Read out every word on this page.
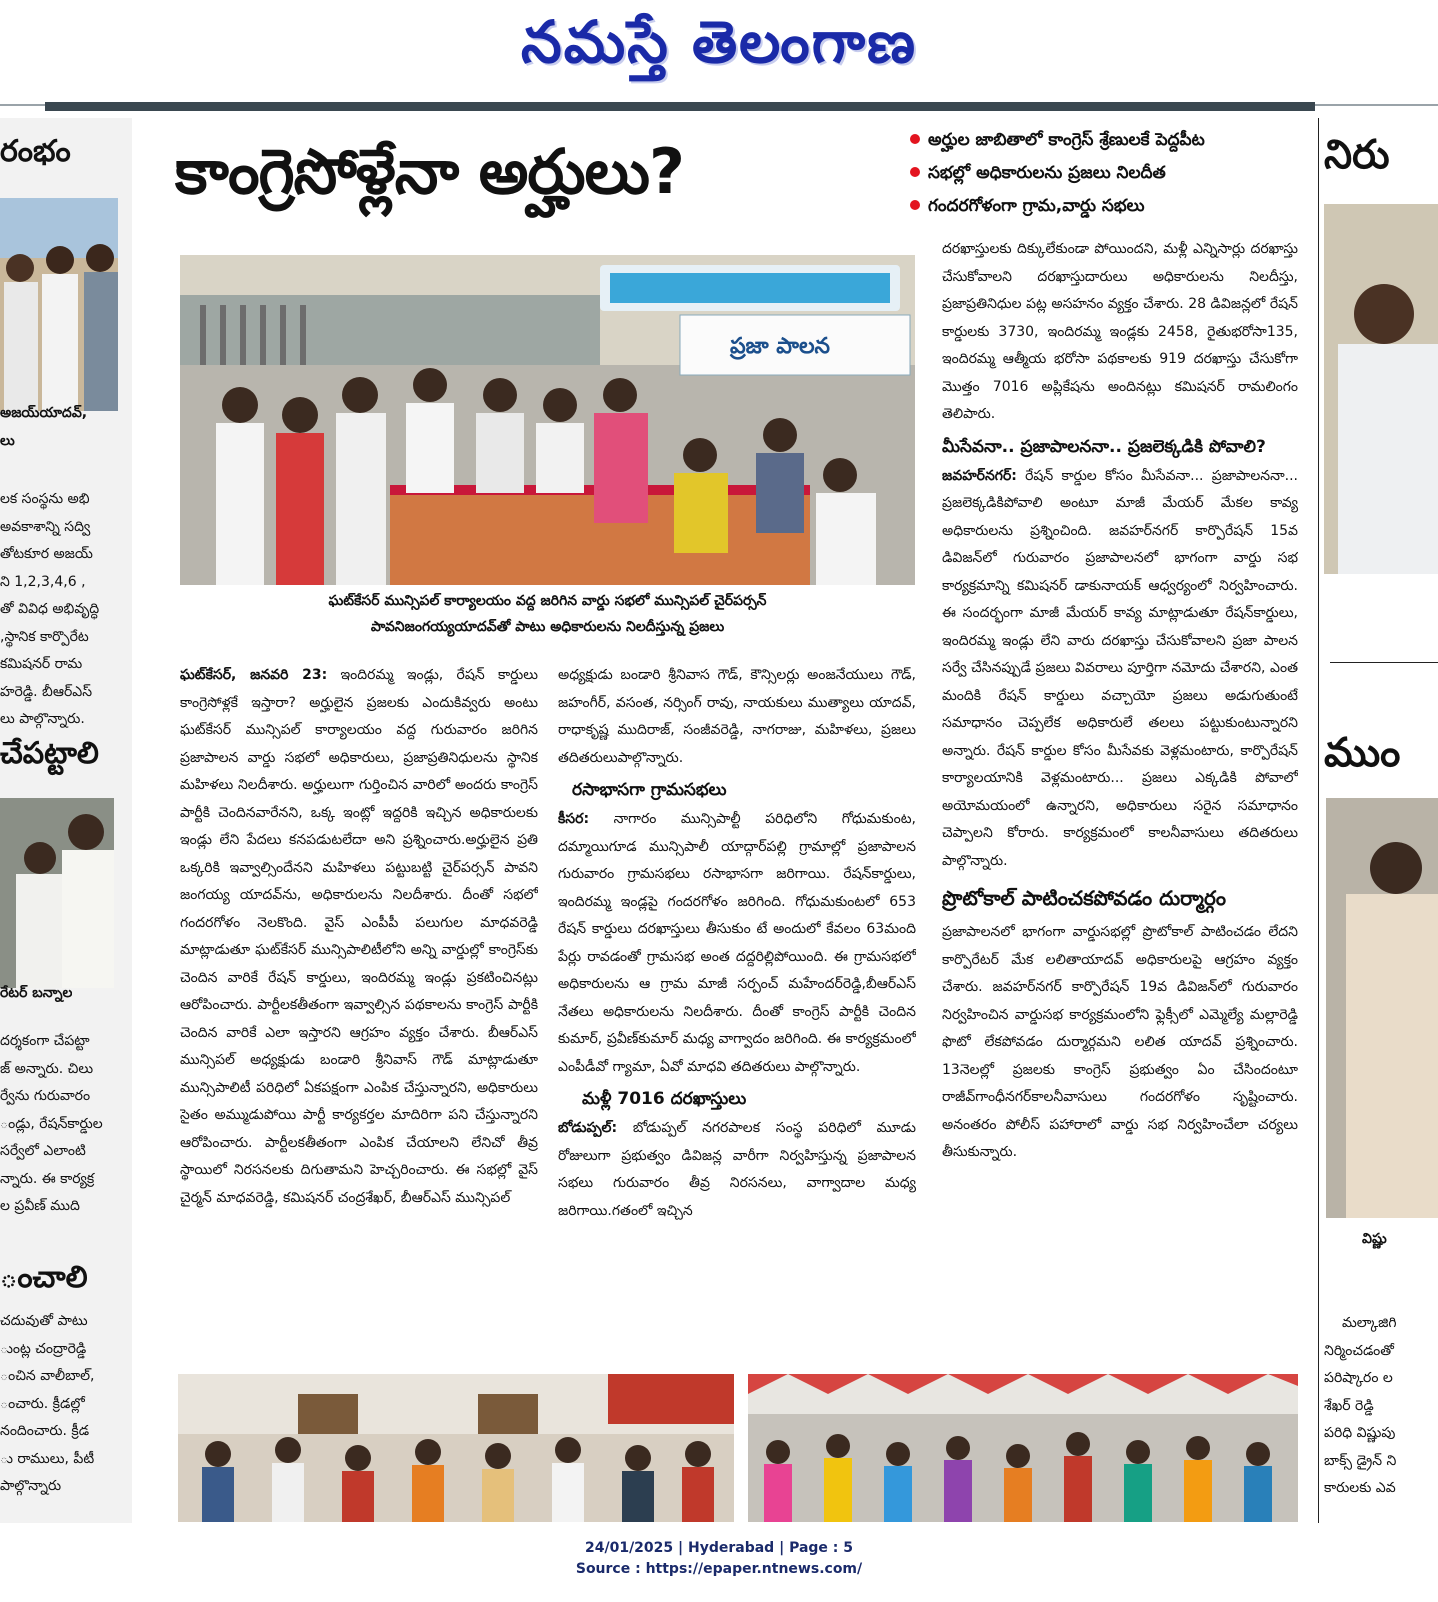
నమస్తే తెలంగాణ
రంభం
అజయ్‌యాదవ్,
లు
లక సంస్థను అభి
అవకాశాన్ని సద్వి
తోటకూర అజయ్
ని 1,2,3,4,6 ,
తో వివిధ అభివృద్ధి
,స్థానిక కార్పొరేట
కమిషనర్ రామ
హరెడ్డి. బీఆర్ఎస్
లు పాల్గొన్నారు.
చేపట్టాలి
రేటర్ బన్నాల
దర్శకంగా చేపట్టా
జ్ అన్నారు. చిలు
ర్వేను గురువారం
ండ్లు, రేషన్‌కార్డుల
సర్వేలో ఎలాంటి
న్నారు. ఈ కార్యక్ర
ల ప్రవీణ్ ముది
ంచాలి
చదువుతో పాటు
ుంట్ల చంద్రారెడ్డి
ంచిన వాలీబాల్,
ంచారు. క్రీడల్లో
నందించారు. క్రీడ
ు రాములు, పీటీ
పాల్గొన్నారు
కాంగ్రెసోళ్లేనా అర్హులు?	అర్హుల జాబితాలో కాంగ్రెస్ శ్రేణులకే పెద్దపీట
సభల్లో అధికారులను ప్రజలు నిలదీత
గందరగోళంగా గ్రామ,వార్డు సభలు
ప్రజా పాలన
ఘట్‌కేసర్ మున్సిపల్ కార్యాలయం వద్ద జరిగిన వార్డు సభలో మున్సిపల్ చైర్‌పర్సన్
పావనిజంగయ్యయాదవ్‌తో పాటు అధికారులను నిలదీస్తున్న ప్రజలు

ఘట్‌కేసర్, జనవరి 23: ఇందిరమ్మ ఇండ్లు, రేషన్ కార్డులు కాంగ్రెసోళ్లకే ఇస్తారా? అర్హులైన ప్రజలకు ఎందుకివ్వరు అంటు ఘట్‌కేసర్ మున్సిపల్ కార్యాలయం వద్ద గురువారం జరిగిన ప్రజాపాలన వార్డు సభలో అధికారులు, ప్రజాప్రతినిధులను స్థానిక మహిళలు నిలదీశారు. అర్హులుగా గుర్తించిన వారిలో అందరు కాంగ్రెస్ పార్టీకి చెందినవారేనని, ఒక్క ఇంట్లో ఇద్దరికి ఇచ్చిన అధికారులకు ఇండ్లు లేని పేదలు కనపడుటలేదా అని ప్రశ్నించారు.అర్హులైన ప్రతి ఒక్కరికి ఇవ్వాల్సిందేనని మహిళలు పట్టుబట్టి చైర్‌పర్సన్ పావని జంగయ్య యాదవ్‌ను, అధికారులను నిలదీశారు. దీంతో సభలో గందరగోళం నెలకొంది. వైస్ ఎంపీపీ పలుగుల మాధవరెడ్డి మాట్లాడుతూ ఘట్‌కేసర్ మున్సిపాలిటీలోని అన్ని వార్డుల్లో కాంగ్రెస్‌కు చెందిన వారికే రేషన్ కార్డులు, ఇందిరమ్మ ఇండ్లు ప్రకటించినట్లు ఆరోపించారు. పార్టీలకతీతంగా ఇవ్వాల్సిన పథకాలను కాంగ్రెస్ పార్టీకి చెందిన వారికే ఎలా ఇస్తారని ఆగ్రహం వ్యక్తం చేశారు. బీఆర్ఎస్ మున్సిపల్ అధ్యక్షుడు బండారి శ్రీనివాస్ గౌడ్ మాట్లాడుతూ మున్సిపాలిటీ పరిధిలో ఏకపక్షంగా ఎంపిక చేస్తున్నారని, అధికారులు సైతం అమ్ముడుపోయి పార్టీ కార్యకర్తల మాదిరిగా పని చేస్తున్నారని ఆరోపించారు. పార్టీలకతీతంగా ఎంపిక చేయాలని లేనిచో తీవ్ర స్థాయిలో నిరసనలకు దిగుతామని హెచ్చరించారు. ఈ సభల్లో వైస్ చైర్మన్ మాధవరెడ్డి, కమిషనర్ చంద్రశేఖర్, బీఆర్ఎస్ మున్సిపల్

అధ్యక్షుడు బండారి శ్రీనివాస గౌడ్, కౌన్సిలర్లు అంజనేయులు గౌడ్, జహంగీర్, వసంత, నర్సింగ్ రావు, నాయకులు ముత్యాలు యాదవ్, రాధాకృష్ణ ముదిరాజ్, సంజీవరెడ్డి, నాగరాజు, మహిళలు, ప్రజలు తదితరులుపాల్గొన్నారు.

రసాభాసగా గ్రామసభలు

కీసర: నాగారం మున్సిపాల్టీ పరిధిలోని గోధుమకుంట, దమ్మాయిగూడ మున్సిపాలీ యాద్గార్‌పల్లి గ్రామాల్లో ప్రజాపాలన గురువారం గ్రామసభలు రసాభాసగా జరిగాయి. రేషన్‌కార్డులు, ఇందిరమ్మ ఇండ్లపై గందరగోళం జరిగింది. గోధుమకుంటలో 653 రేషన్ కార్డులు దరఖాస్తులు తీసుకుం టే అందులో కేవలం 63మంది పేర్లు రావడంతో గ్రామసభ అంత దద్దరిల్లిపోయింది. ఈ గ్రామసభలో అధికారులను ఆ గ్రామ మాజీ సర్పంచ్ మహేందర్‌రెడ్డి,బీఆర్ఎస్ నేతలు అధికారులను నిలదీశారు. దీంతో కాంగ్రెస్ పార్టీకి చెందిన కుమార్, ప్రవీణ్‌కుమార్ మధ్య వాగ్వాదం జరిగింది. ఈ కార్యక్రమంలో ఎంపీడీవో గ్యామా, ఏవో మాధవి తదితరులు పాల్గొన్నారు.

మళ్లీ 7016 దరఖాస్తులు

బోడుప్పల్: బోడుప్పల్ నగరపాలక సంస్థ పరిధిలో మూడు రోజులుగా ప్రభుత్వం డివిజన్ల వారీగా నిర్వహిస్తున్న ప్రజాపాలన సభలు గురువారం తీవ్ర నిరసనలు, వాగ్వాదాల మధ్య జరిగాయి.గతంలో ఇచ్చిన

దరఖాస్తులకు దిక్కులేకుండా పోయిందని, మళ్లీ ఎన్నిసార్లు దరఖాస్తు చేసుకోవాలని దరఖాస్తుదారులు అధికారులను నిలదీస్తు, ప్రజాప్రతినిధుల పట్ల అసహనం వ్యక్తం చేశారు. 28 డివిజన్లలో రేషన్ కార్డులకు 3730, ఇందిరమ్మ ఇండ్లకు 2458, రైతుభరోసా135, ఇందిరమ్మ ఆత్మీయ భరోసా పథకాలకు 919 దరఖాస్తు చేసుకోగా మొత్తం 7016 అప్లికేషను అందినట్లు కమిషనర్ రామలింగం తెలిపారు.

మీసేవనా.. ప్రజాపాలననా.. ప్రజలెక్కడికి పోవాలి?

జవహర్‌నగర్: రేషన్ కార్డుల కోసం మీసేవనా... ప్రజాపాలననా... ప్రజలెక్కడికిపోవాలి అంటూ మాజీ మేయర్ మేకల కావ్య అధికారులను ప్రశ్నించింది. జవహర్‌నగర్ కార్పొరేషన్ 15వ డివిజన్‌లో గురువారం ప్రజాపాలనలో భాగంగా వార్డు సభ కార్యక్రమాన్ని కమిషనర్ డాకునాయక్ ఆధ్వర్యంలో నిర్వహించారు. ఈ సందర్భంగా మాజీ మేయర్ కావ్య మాట్లాడుతూ రేషన్‌కార్డులు, ఇందిరమ్మ ఇండ్లు లేని వారు దరఖాస్తు చేసుకోవాలని ప్రజా పాలన సర్వే చేసినప్పుడే ప్రజలు వివరాలు పూర్తిగా నమోదు చేశారని, ఎంత మందికి రేషన్ కార్డులు వచ్చాయో ప్రజలు అడుగుతుంటే సమాధానం చెప్పలేక అధికారులే తలలు పట్టుకుంటున్నారని అన్నారు. రేషన్ కార్డుల కోసం మీసేవకు వెళ్లమంటారు, కార్పొరేషన్ కార్యాలయానికి వెళ్లమంటారు... ప్రజలు ఎక్కడికి పోవాలో అయోమయంలో ఉన్నారని, అధికారులు సరైన సమాధానం చెప్పాలని కోరారు. కార్యక్రమంలో కాలనీవాసులు తదితరులు పాల్గొన్నారు.

ప్రొటోకాల్ పాటించకపోవడం దుర్మార్గం

ప్రజాపాలనలో భాగంగా వార్డుసభల్లో ప్రొటోకాల్ పాటించడం లేదని కార్పొరేటర్ మేక లలితాయాదవ్ అధికారులపై ఆగ్రహం వ్యక్తం చేశారు. జవహర్‌నగర్ కార్పొరేషన్ 19వ డివిజన్‌లో గురువారం నిర్వహించిన వార్డుసభ కార్యక్రమంలోని ఫ్లెక్సీలో ఎమ్మెల్యే మల్లారెడ్డి ఫొటో లేకపోవడం దుర్మార్గమని లలిత యాదవ్ ప్రశ్నించారు. 13నెలల్లో ప్రజలకు కాంగ్రెస్ ప్రభుత్వం ఏం చేసిందంటూ రాజీవ్‌గాంధీనగర్‌కాలనీవాసులు గందరగోళం సృష్టించారు. అనంతరం పోలీస్ పహారాలో వార్డు సభ నిర్వహించేలా చర్యలు తీసుకున్నారు.

నిరు
ముం
విష్ణు
మల్కాజిగి
నిర్మించడంతో
పరిష్కారం ల
శేఖర్ రెడ్డి
పరిధి విష్ణుపు
బాక్స్ డ్రైన్ ని
కారులకు ఎవ
24/01/2025 | Hyderabad | Page : 5
Source : https://epaper.ntnews.com/
